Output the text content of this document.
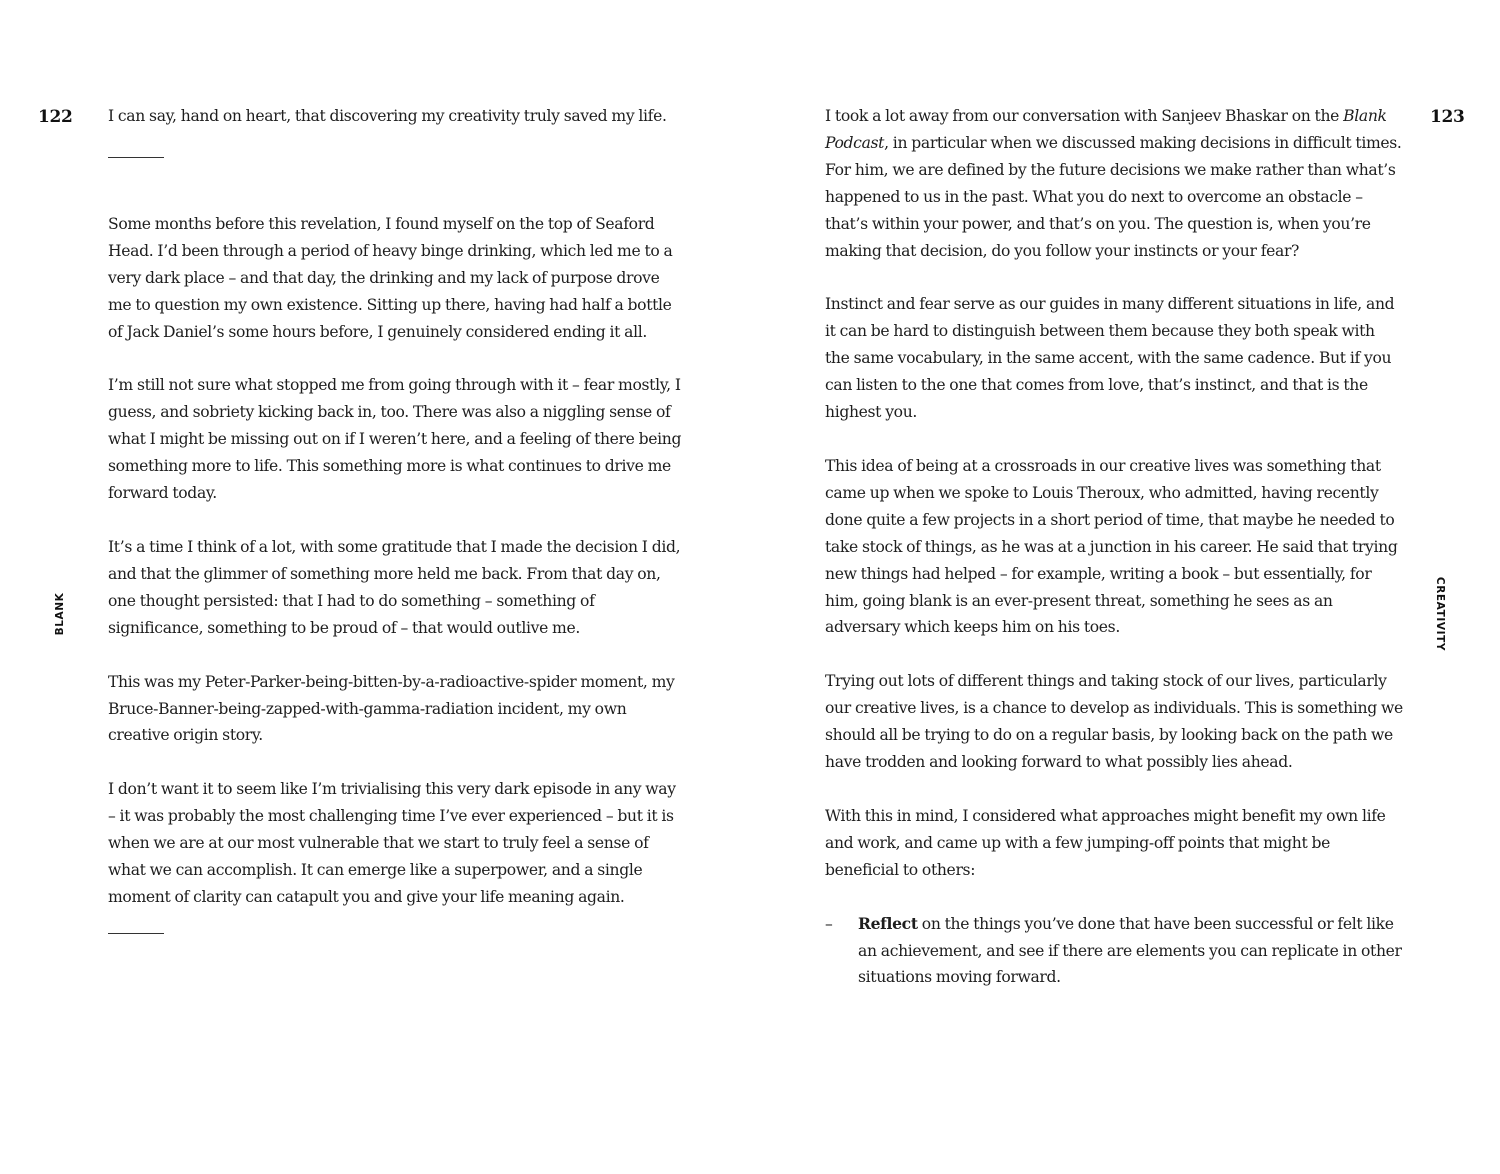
122
BLANK

I can say, hand on heart, that discovering my creativity truly saved my life.

Some months before this revelation, I found myself on the top of Seaford Head. I’d been through a period of heavy binge drinking, which led me to a very dark place – and that day, the drinking and my lack of purpose drove me to question my own existence. Sitting up there, having had half a bottle of Jack Daniel’s some hours before, I genuinely considered ending it all.

I’m still not sure what stopped me from going through with it – fear mostly, I guess, and sobriety kicking back in, too. There was also a niggling sense of what I might be missing out on if I weren’t here, and a feeling of there being something more to life. This something more is what continues to drive me forward today.

It’s a time I think of a lot, with some gratitude that I made the decision I did, and that the glimmer of something more held me back. From that day on, one thought persisted: that I had to do something – something of significance, something to be proud of – that would outlive me.

This was my Peter-Parker-being-bitten-by-a-radioactive-spider moment, my Bruce-Banner-being-zapped-with-gamma-radiation incident, my own creative origin story.

I don’t want it to seem like I’m trivialising this very dark episode in any way – it was probably the most challenging time I’ve ever experienced – but it is when we are at our most vulnerable that we start to truly feel a sense of what we can accomplish. It can emerge like a superpower, and a single moment of clarity can catapult you and give your life meaning again.

123
CREATIVITY

I took a lot away from our conversation with Sanjeev Bhaskar on the Blank Podcast, in particular when we discussed making decisions in difficult times. For him, we are defined by the future decisions we make rather than what’s happened to us in the past. What you do next to overcome an obstacle – that’s within your power, and that’s on you. The question is, when you’re making that decision, do you follow your instincts or your fear?

Instinct and fear serve as our guides in many different situations in life, and it can be hard to distinguish between them because they both speak with the same vocabulary, in the same accent, with the same cadence. But if you can listen to the one that comes from love, that’s instinct, and that is the highest you.

This idea of being at a crossroads in our creative lives was something that came up when we spoke to Louis Theroux, who admitted, having recently done quite a few projects in a short period of time, that maybe he needed to take stock of things, as he was at a junction in his career. He said that trying new things had helped – for example, writing a book – but essentially, for him, going blank is an ever-present threat, something he sees as an adversary which keeps him on his toes.

Trying out lots of different things and taking stock of our lives, particularly our creative lives, is a chance to develop as individuals. This is something we should all be trying to do on a regular basis, by looking back on the path we have trodden and looking forward to what possibly lies ahead.

With this in mind, I considered what approaches might benefit my own life and work, and came up with a few jumping-off points that might be beneficial to others:

–	Reflect on the things you’ve done that have been successful or felt like an achievement, and see if there are elements you can replicate in other situations moving forward.
